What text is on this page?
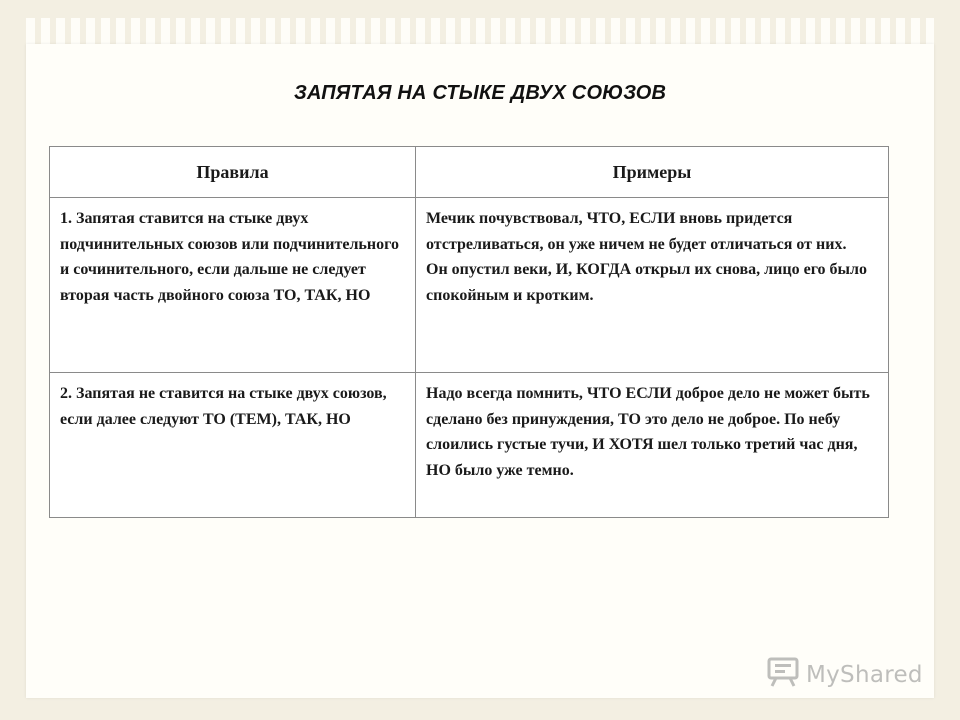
ЗАПЯТАЯ НА СТЫКЕ ДВУХ СОЮЗОВ
Правила	Примеры
1. Запятая ставится на стыке двух подчинительных союзов или подчинительного и сочинительного, если дальше не следует вторая часть двойного союза ТО, ТАК, НО	Мечик почувствовал, ЧТО, ЕСЛИ вновь придется отстреливаться, он уже ничем не будет отличаться от них.
Он опустил веки, И, КОГДА открыл их снова, лицо его было спокойным и кротким.

2. Запятая не ставится на стыке двух союзов, если далее следуют ТО (ТЕМ), ТАК, НО	Надо всегда помнить, ЧТО ЕСЛИ доброе дело не может быть сделано без принуждения, ТО это дело не доброе. По небу слоились густые тучи, И ХОТЯ шел только третий час дня, НО было уже темно.
MyShared
